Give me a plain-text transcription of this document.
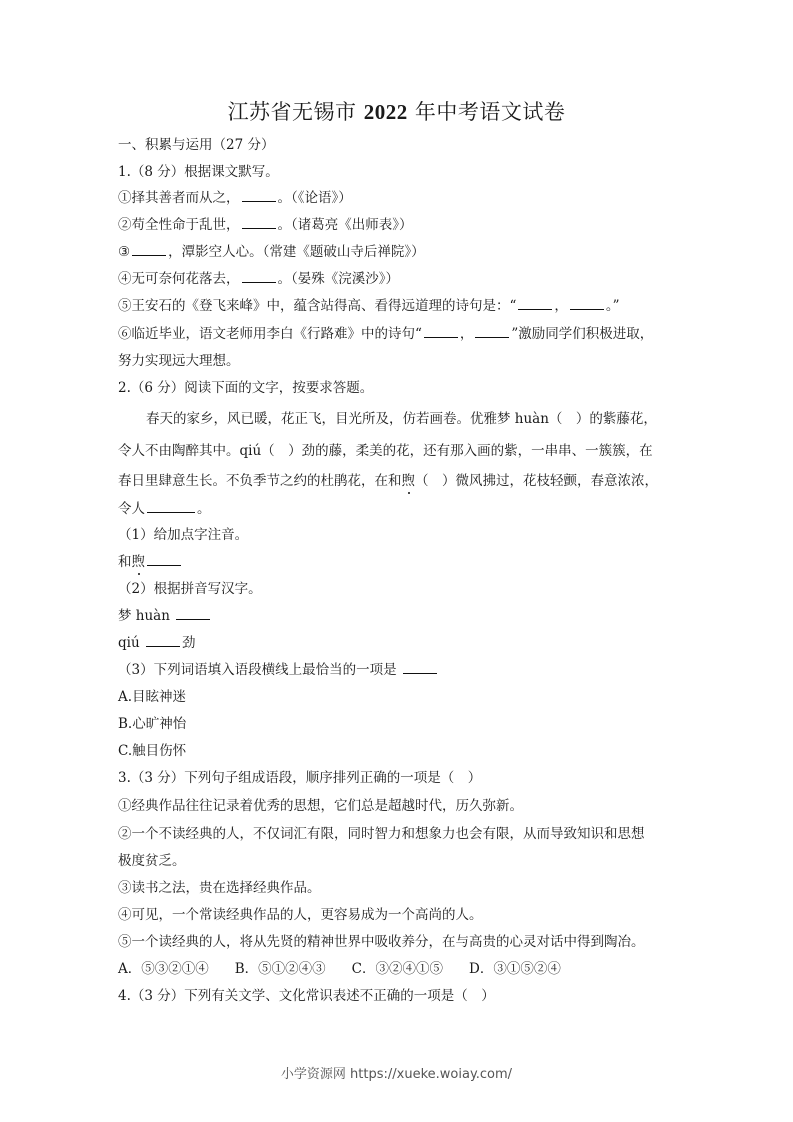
江苏省无锡市 2022 年中考语文试卷
一、积累与运用（27 分）
1.（8 分）根据课文默写。
①择其善者而从之，	。（《论语》）
②苟全性命于乱世，	。（诸葛亮《出师表》）
③	，潭影空人心。（常建《题破山寺后禅院》）
④无可奈何花落去，	。（晏殊《浣溪沙》）
⑤王安石的《登飞来峰》中，蕴含站得高、看得远道理的诗句是：“	，	。”
⑥临近毕业，语文老师用李白《行路难》中的诗句“	，	”激励同学们积极进取，
努力实现远大理想。
2.（6 分）阅读下面的文字，按要求答题。
春天的家乡，风已暖，花正飞，目光所及，仿若画卷。优雅梦 huàn（　）的紫藤花，
令人不由陶醉其中。qiú（　）劲的藤，柔美的花，还有那入画的紫，一串串、一簇簇，在
春日里肆意生长。不负季节之约的杜鹃花，在和煦（　）微风拂过，花枝轻颤，春意浓浓，
令人	。
（1）给加点字注音。
和煦
（2）根据拼音写汉字。
梦 huàn
qiú	劲
（3）下列词语填入语段横线上最恰当的一项是
A.目眩神迷
B.心旷神怡
C.触目伤怀
3.（3 分）下列句子组成语段，顺序排列正确的一项是（　）
①经典作品往往记录着优秀的思想，它们总是超越时代，历久弥新。
②一个不读经典的人，不仅词汇有限，同时智力和想象力也会有限，从而导致知识和思想
极度贫乏。
③读书之法，贵在选择经典作品。
④可见，一个常读经典作品的人，更容易成为一个高尚的人。
⑤一个读经典的人，将从先贤的精神世界中吸收养分，在与高贵的心灵对话中得到陶冶。
A．⑤③②①④ B．⑤①②④③ C．③②④①⑤ D．③①⑤②④
4.（3 分）下列有关文学、文化常识表述不正确的一项是（　）
小学资源网 https://xueke.woiay.com/
